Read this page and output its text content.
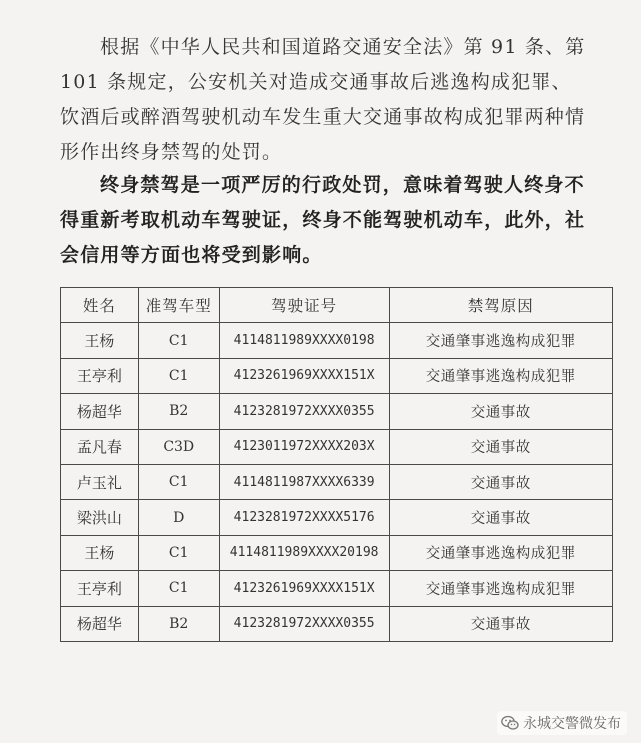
根据《中华人民共和国道路交通安全法》第 91 条、第 101 条规定，公安机关对造成交通事故后逃逸构成犯罪、饮酒后或醉酒驾驶机动车发生重大交通事故构成犯罪两种情形作出终身禁驾的处罚。
终身禁驾是一项严厉的行政处罚，意味着驾驶人终身不得重新考取机动车驾驶证，终身不能驾驶机动车，此外，社会信用等方面也将受到影响。
姓名	准驾车型	驾驶证号	禁驾原因
王杨	C1	4114811989XXXX0198	交通肇事逃逸构成犯罪
王亭利	C1	4123261969XXXX151X	交通肇事逃逸构成犯罪
杨超华	B2	4123281972XXXX0355	交通事故
孟凡春	C3D	4123011972XXXX203X	交通事故
卢玉礼	C1	4114811987XXXX6339	交通事故
梁洪山	D	4123281972XXXX5176	交通事故
王杨	C1	4114811989XXXX20198	交通肇事逃逸构成犯罪
王亭利	C1	4123261969XXXX151X	交通肇事逃逸构成犯罪
杨超华	B2	4123281972XXXX0355	交通事故
永城交警微发布
